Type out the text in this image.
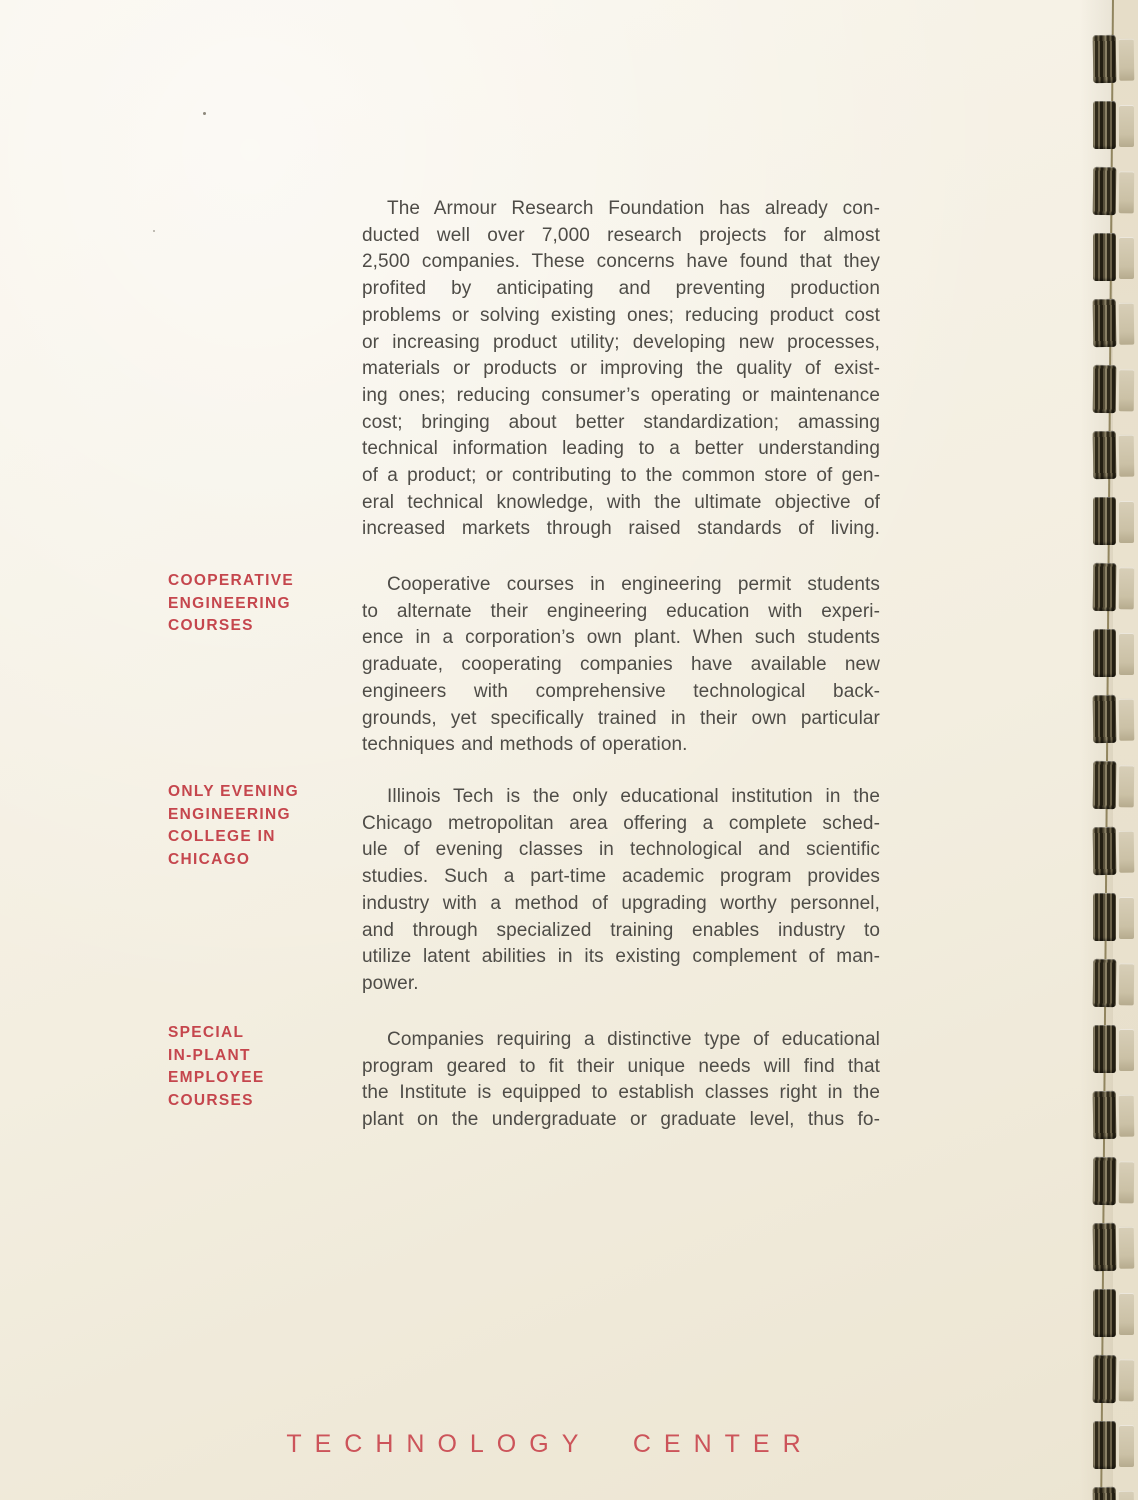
The Armour Research Foundation has already con-
ducted well over 7,000 research projects for almost
2,500 companies. These concerns have found that they
profited by anticipating and preventing production
problems or solving existing ones; reducing product cost
or increasing product utility; developing new processes,
materials or products or improving the quality of exist-
ing ones; reducing consumer’s operating or maintenance
cost; bringing about better standardization; amassing
technical information leading to a better understanding
of a product; or contributing to the common store of gen-
eral technical knowledge, with the ultimate objective of
increased markets through raised standards of living.
COOPERATIVE
ENGINEERING
COURSES
Cooperative courses in engineering permit students
to alternate their engineering education with experi-
ence in a corporation’s own plant. When such students
graduate, cooperating companies have available new
engineers with comprehensive technological back-
grounds, yet specifically trained in their own particular
techniques and methods of operation.
ONLY EVENING
ENGINEERING
COLLEGE IN
CHICAGO
Illinois Tech is the only educational institution in the
Chicago metropolitan area offering a complete sched-
ule of evening classes in technological and scientific
studies. Such a part-time academic program provides
industry with a method of upgrading worthy personnel,
and through specialized training enables industry to
utilize latent abilities in its existing complement of man-
power.
SPECIAL
IN-PLANT
EMPLOYEE
COURSES
Companies requiring a distinctive type of educational
program geared to fit their unique needs will find that
the Institute is equipped to establish classes right in the
plant on the undergraduate or graduate level, thus fo-
TECHNOLOGY CENTER
